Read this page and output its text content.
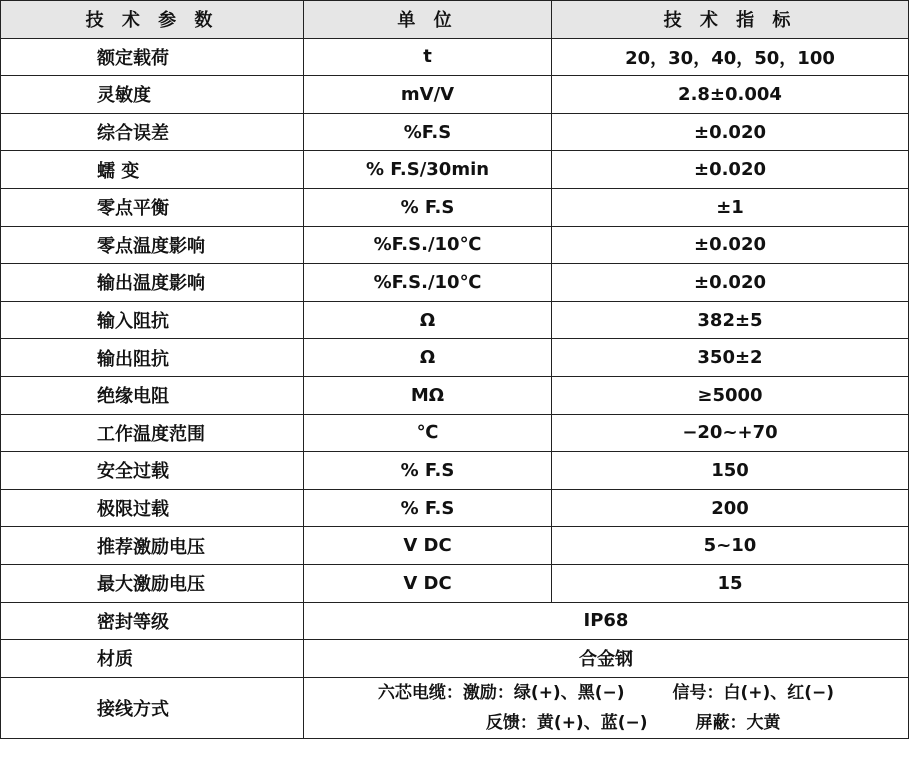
技 术 参 数	单 位	技 术 指 标
额定载荷	t	20，30，40，50，100
灵敏度	mV/V	2.8±0.004
综合误差	%F.S	±0.020
蠕 变	% F.S/30min	±0.020
零点平衡	% F.S	±1
零点温度影响	%F.S./10℃	±0.020
输出温度影响	%F.S./10℃	±0.020
输入阻抗	Ω	382±5
输出阻抗	Ω	350±2
绝缘电阻	MΩ	≥5000
工作温度范围	℃	−20~+70
安全过载	% F.S	150
极限过载	% F.S	200
推荐激励电压	V DC	5~10
最大激励电压	V DC	15
密封等级	IP68	
材质	合金钢	
接线方式	六芯电缆：激励：绿(+)、黑(−) 信号：白(+)、红(−)
反馈：黄(+)、蓝(−) 屏蔽：大黄	
